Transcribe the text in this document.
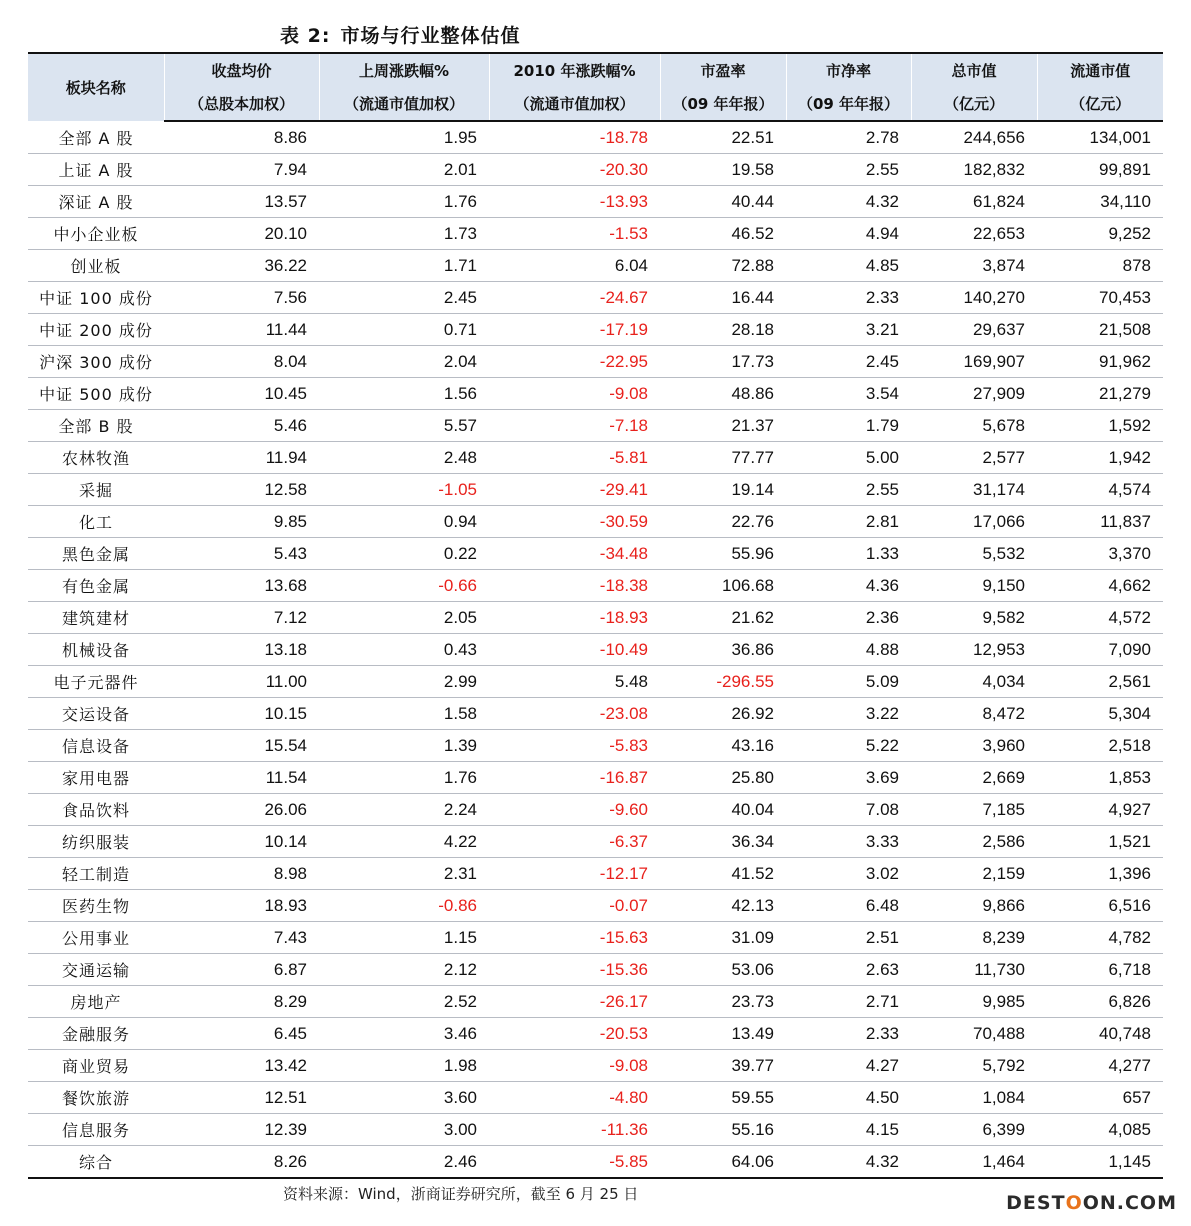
表 2: 市场与行业整体估值
板块名称	收盘均价	上周涨跌幅%	2010 年涨跌幅%	市盈率	市净率	总市值	流通市值
	（总股本加权）	（流通市值加权）	（流通市值加权）	（09 年年报）	（09 年年报）	（亿元）	（亿元）
全部 A 股	8.86	1.95	-18.78	22.51	2.78	244,656	134,001
上证 A 股	7.94	2.01	-20.30	19.58	2.55	182,832	99,891
深证 A 股	13.57	1.76	-13.93	40.44	4.32	61,824	34,110
中小企业板	20.10	1.73	-1.53	46.52	4.94	22,653	9,252
创业板	36.22	1.71	6.04	72.88	4.85	3,874	878
中证 100 成份	7.56	2.45	-24.67	16.44	2.33	140,270	70,453
中证 200 成份	11.44	0.71	-17.19	28.18	3.21	29,637	21,508
沪深 300 成份	8.04	2.04	-22.95	17.73	2.45	169,907	91,962
中证 500 成份	10.45	1.56	-9.08	48.86	3.54	27,909	21,279
全部 B 股	5.46	5.57	-7.18	21.37	1.79	5,678	1,592
农林牧渔	11.94	2.48	-5.81	77.77	5.00	2,577	1,942
采掘	12.58	-1.05	-29.41	19.14	2.55	31,174	4,574
化工	9.85	0.94	-30.59	22.76	2.81	17,066	11,837
黑色金属	5.43	0.22	-34.48	55.96	1.33	5,532	3,370
有色金属	13.68	-0.66	-18.38	106.68	4.36	9,150	4,662
建筑建材	7.12	2.05	-18.93	21.62	2.36	9,582	4,572
机械设备	13.18	0.43	-10.49	36.86	4.88	12,953	7,090
电子元器件	11.00	2.99	5.48	-296.55	5.09	4,034	2,561
交运设备	10.15	1.58	-23.08	26.92	3.22	8,472	5,304
信息设备	15.54	1.39	-5.83	43.16	5.22	3,960	2,518
家用电器	11.54	1.76	-16.87	25.80	3.69	2,669	1,853
食品饮料	26.06	2.24	-9.60	40.04	7.08	7,185	4,927
纺织服装	10.14	4.22	-6.37	36.34	3.33	2,586	1,521
轻工制造	8.98	2.31	-12.17	41.52	3.02	2,159	1,396
医药生物	18.93	-0.86	-0.07	42.13	6.48	9,866	6,516
公用事业	7.43	1.15	-15.63	31.09	2.51	8,239	4,782
交通运输	6.87	2.12	-15.36	53.06	2.63	11,730	6,718
房地产	8.29	2.52	-26.17	23.73	2.71	9,985	6,826
金融服务	6.45	3.46	-20.53	13.49	2.33	70,488	40,748
商业贸易	13.42	1.98	-9.08	39.77	4.27	5,792	4,277
餐饮旅游	12.51	3.60	-4.80	59.55	4.50	1,084	657
信息服务	12.39	3.00	-11.36	55.16	4.15	6,399	4,085
综合	8.26	2.46	-5.85	64.06	4.32	1,464	1,145
资料来源：Wind，浙商证券研究所，截至 6 月 25 日	DESTOON.COM
